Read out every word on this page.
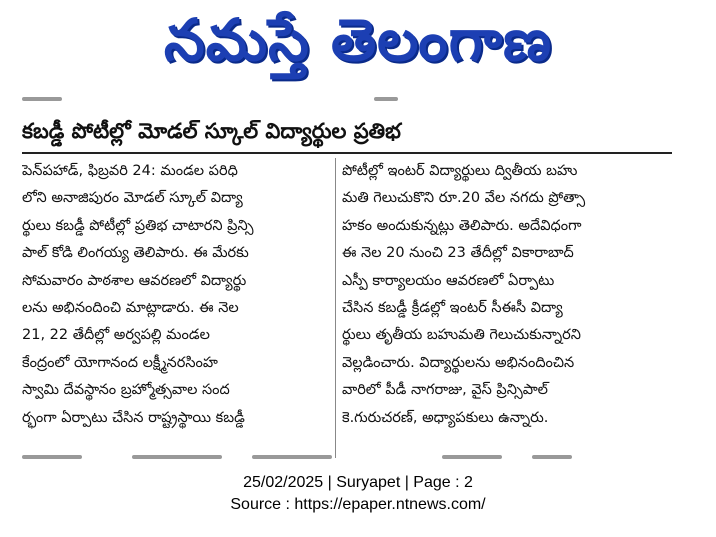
నమస్తే తెలంగాణ
కబడ్డీ పోటీల్లో మోడల్ స్కూల్ విద్యార్థుల ప్రతిభ
పెన్‌పహాడ్, ఫిబ్రవరి 24: మండల పరిధి
లోని అనాజిపురం మోడల్ స్కూల్ విద్యా
ర్థులు కబడ్డీ పోటీల్లో ప్రతిభ చాటారని ప్రిన్సి
పాల్ కోడి లింగయ్య తెలిపారు. ఈ మేరకు
సోమవారం పాఠశాల ఆవరణలో విద్యార్థు
లను అభినందించి మాట్లాడారు. ఈ నెల
21, 22 తేదీల్లో అర్వపల్లి మండల
కేంద్రంలో యోగానంద లక్ష్మీనరసింహ
స్వామి దేవస్థానం బ్రహ్మోత్సవాల సంద
ర్భంగా ఏర్పాటు చేసిన రాష్ట్రస్థాయి కబడ్డీ
పోటీల్లో ఇంటర్ విద్యార్థులు ద్వితీయ బహు
మతి గెలుచుకొని రూ.20 వేల నగదు ప్రోత్సా
హకం అందుకున్నట్లు తెలిపారు. అదేవిధంగా
ఈ నెల 20 నుంచి 23 తేదీల్లో వికారాబాద్
ఎస్పీ కార్యాలయం ఆవరణలో ఏర్పాటు
చేసిన కబడ్డీ క్రీడల్లో ఇంటర్ సీఈసీ విద్యా
ర్థులు తృతీయ బహుమతి గెలుచుకున్నారని
వెల్లడించారు. విద్యార్థులను అభినందించిన
వారిలో పీడీ నాగరాజు, వైస్ ప్రిన్సిపాల్
కె.గురుచరణ్, అధ్యాపకులు ఉన్నారు.
25/02/2025 | Suryapet | Page : 2
Source : https://epaper.ntnews.com/
